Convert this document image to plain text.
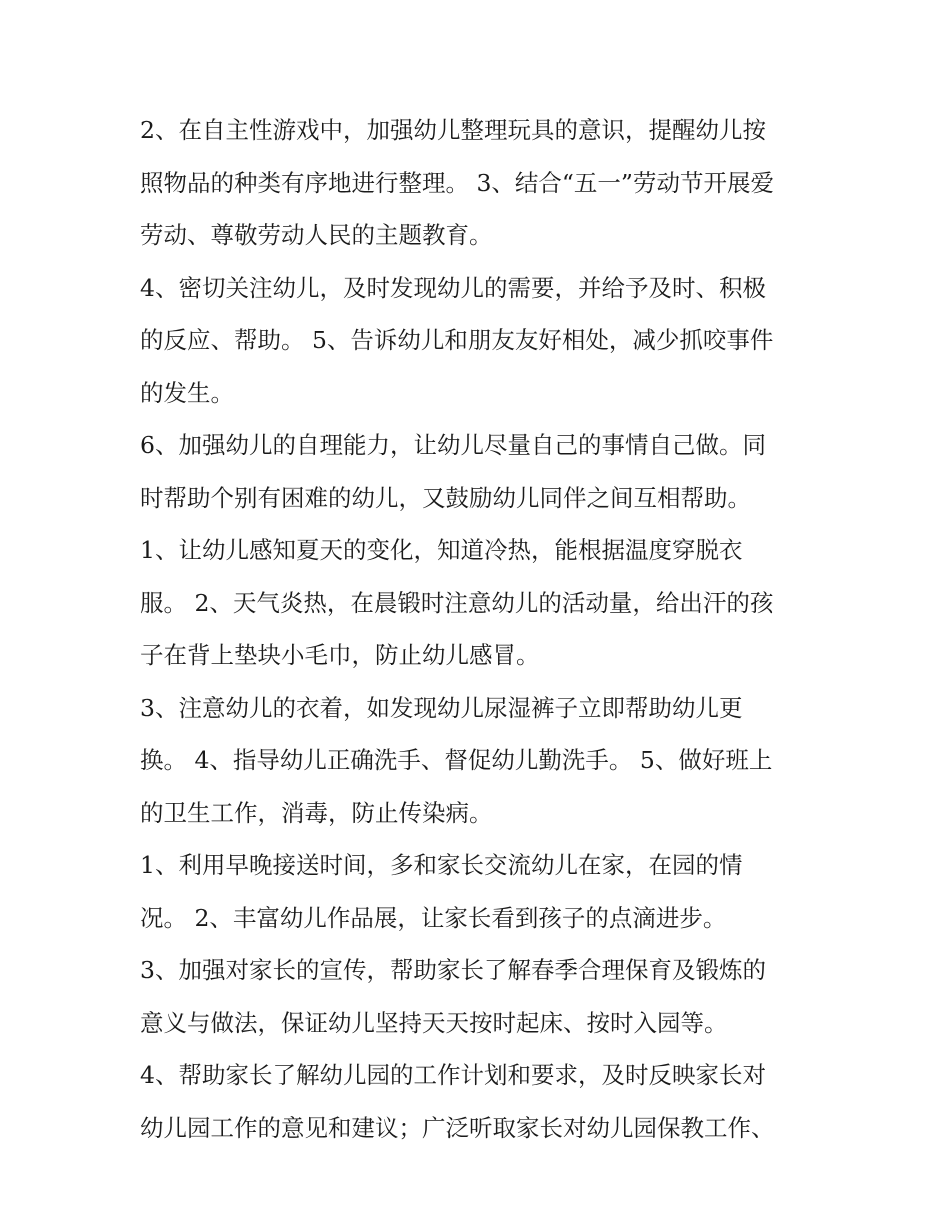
2、在自主性游戏中，加强幼儿整理玩具的意识，提醒幼儿按
照物品的种类有序地进行整理。 3、结合“五一”劳动节开展爱
劳动、尊敬劳动人民的主题教育。

4、密切关注幼儿，及时发现幼儿的需要，并给予及时、积极
的反应、帮助。 5、告诉幼儿和朋友友好相处，减少抓咬事件
的发生。

6、加强幼儿的自理能力，让幼儿尽量自己的事情自己做。同
时帮助个别有困难的幼儿，又鼓励幼儿同伴之间互相帮助。

1、让幼儿感知夏天的变化，知道冷热，能根据温度穿脱衣
服。 2、天气炎热，在晨锻时注意幼儿的活动量，给出汗的孩
子在背上垫块小毛巾，防止幼儿感冒。

3、注意幼儿的衣着，如发现幼儿尿湿裤子立即帮助幼儿更
换。 4、指导幼儿正确洗手、督促幼儿勤洗手。 5、做好班上
的卫生工作，消毒，防止传染病。

1、利用早晚接送时间，多和家长交流幼儿在家，在园的情
况。 2、丰富幼儿作品展，让家长看到孩子的点滴进步。

3、加强对家长的宣传，帮助家长了解春季合理保育及锻炼的
意义与做法，保证幼儿坚持天天按时起床、按时入园等。

4、帮助家长了解幼儿园的工作计划和要求，及时反映家长对
幼儿园工作的意见和建议；广泛听取家长对幼儿园保教工作、
